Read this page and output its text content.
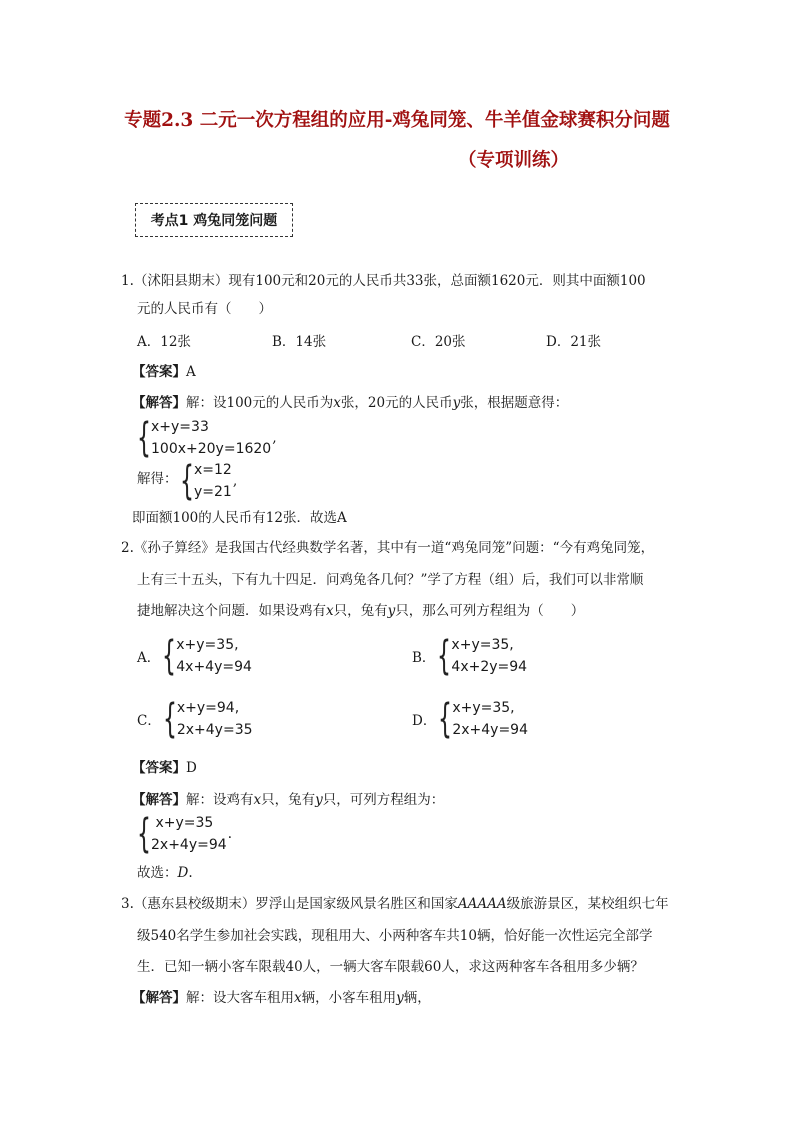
专题2.3 二元一次方程组的应用-鸡兔同笼、牛羊值金球赛积分问题
（专项训练）
考点1 鸡兔同笼问题
1.（沭阳县期末）现有100元和20元的人民币共33张，总面额1620元．则其中面额100
元的人民币有（　　）
A．12张	B．14张	C．20张	D．21张
【答案】A
【解答】解：设100元的人民币为x张，20元的人民币y张，根据题意得：
{ x+y=33
100x+20y=1620
,
解得： { x=12
y=21
,
即面额100的人民币有12张．故选A
2.《孙子算经》是我国古代经典数学名著，其中有一道“鸡兔同笼”问题：“今有鸡兔同笼，
上有三十五头，下有九十四足．问鸡兔各几何？”学了方程（组）后，我们可以非常顺
捷地解决这个问题．如果设鸡有x只，兔有y只，那么可列方程组为（　　）
A． { x+y=35,
4x+4y=94
B． { x+y=35,
4x+2y=94
C． { x+y=94,
2x+4y=35
D． { x+y=35,
2x+4y=94
【答案】D
【解答】解：设鸡有x只，兔有y只，可列方程组为：
{ x+y=35
2x+4y=94
.
故选：D.
3.（惠东县校级期末）罗浮山是国家级风景名胜区和国家AAAAA级旅游景区，某校组织七年
级540名学生参加社会实践，现租用大、小两种客车共10辆，恰好能一次性运完全部学
生．已知一辆小客车限载40人，一辆大客车限载60人，求这两种客车各租用多少辆？
【解答】解：设大客车租用x辆，小客车租用y辆，
